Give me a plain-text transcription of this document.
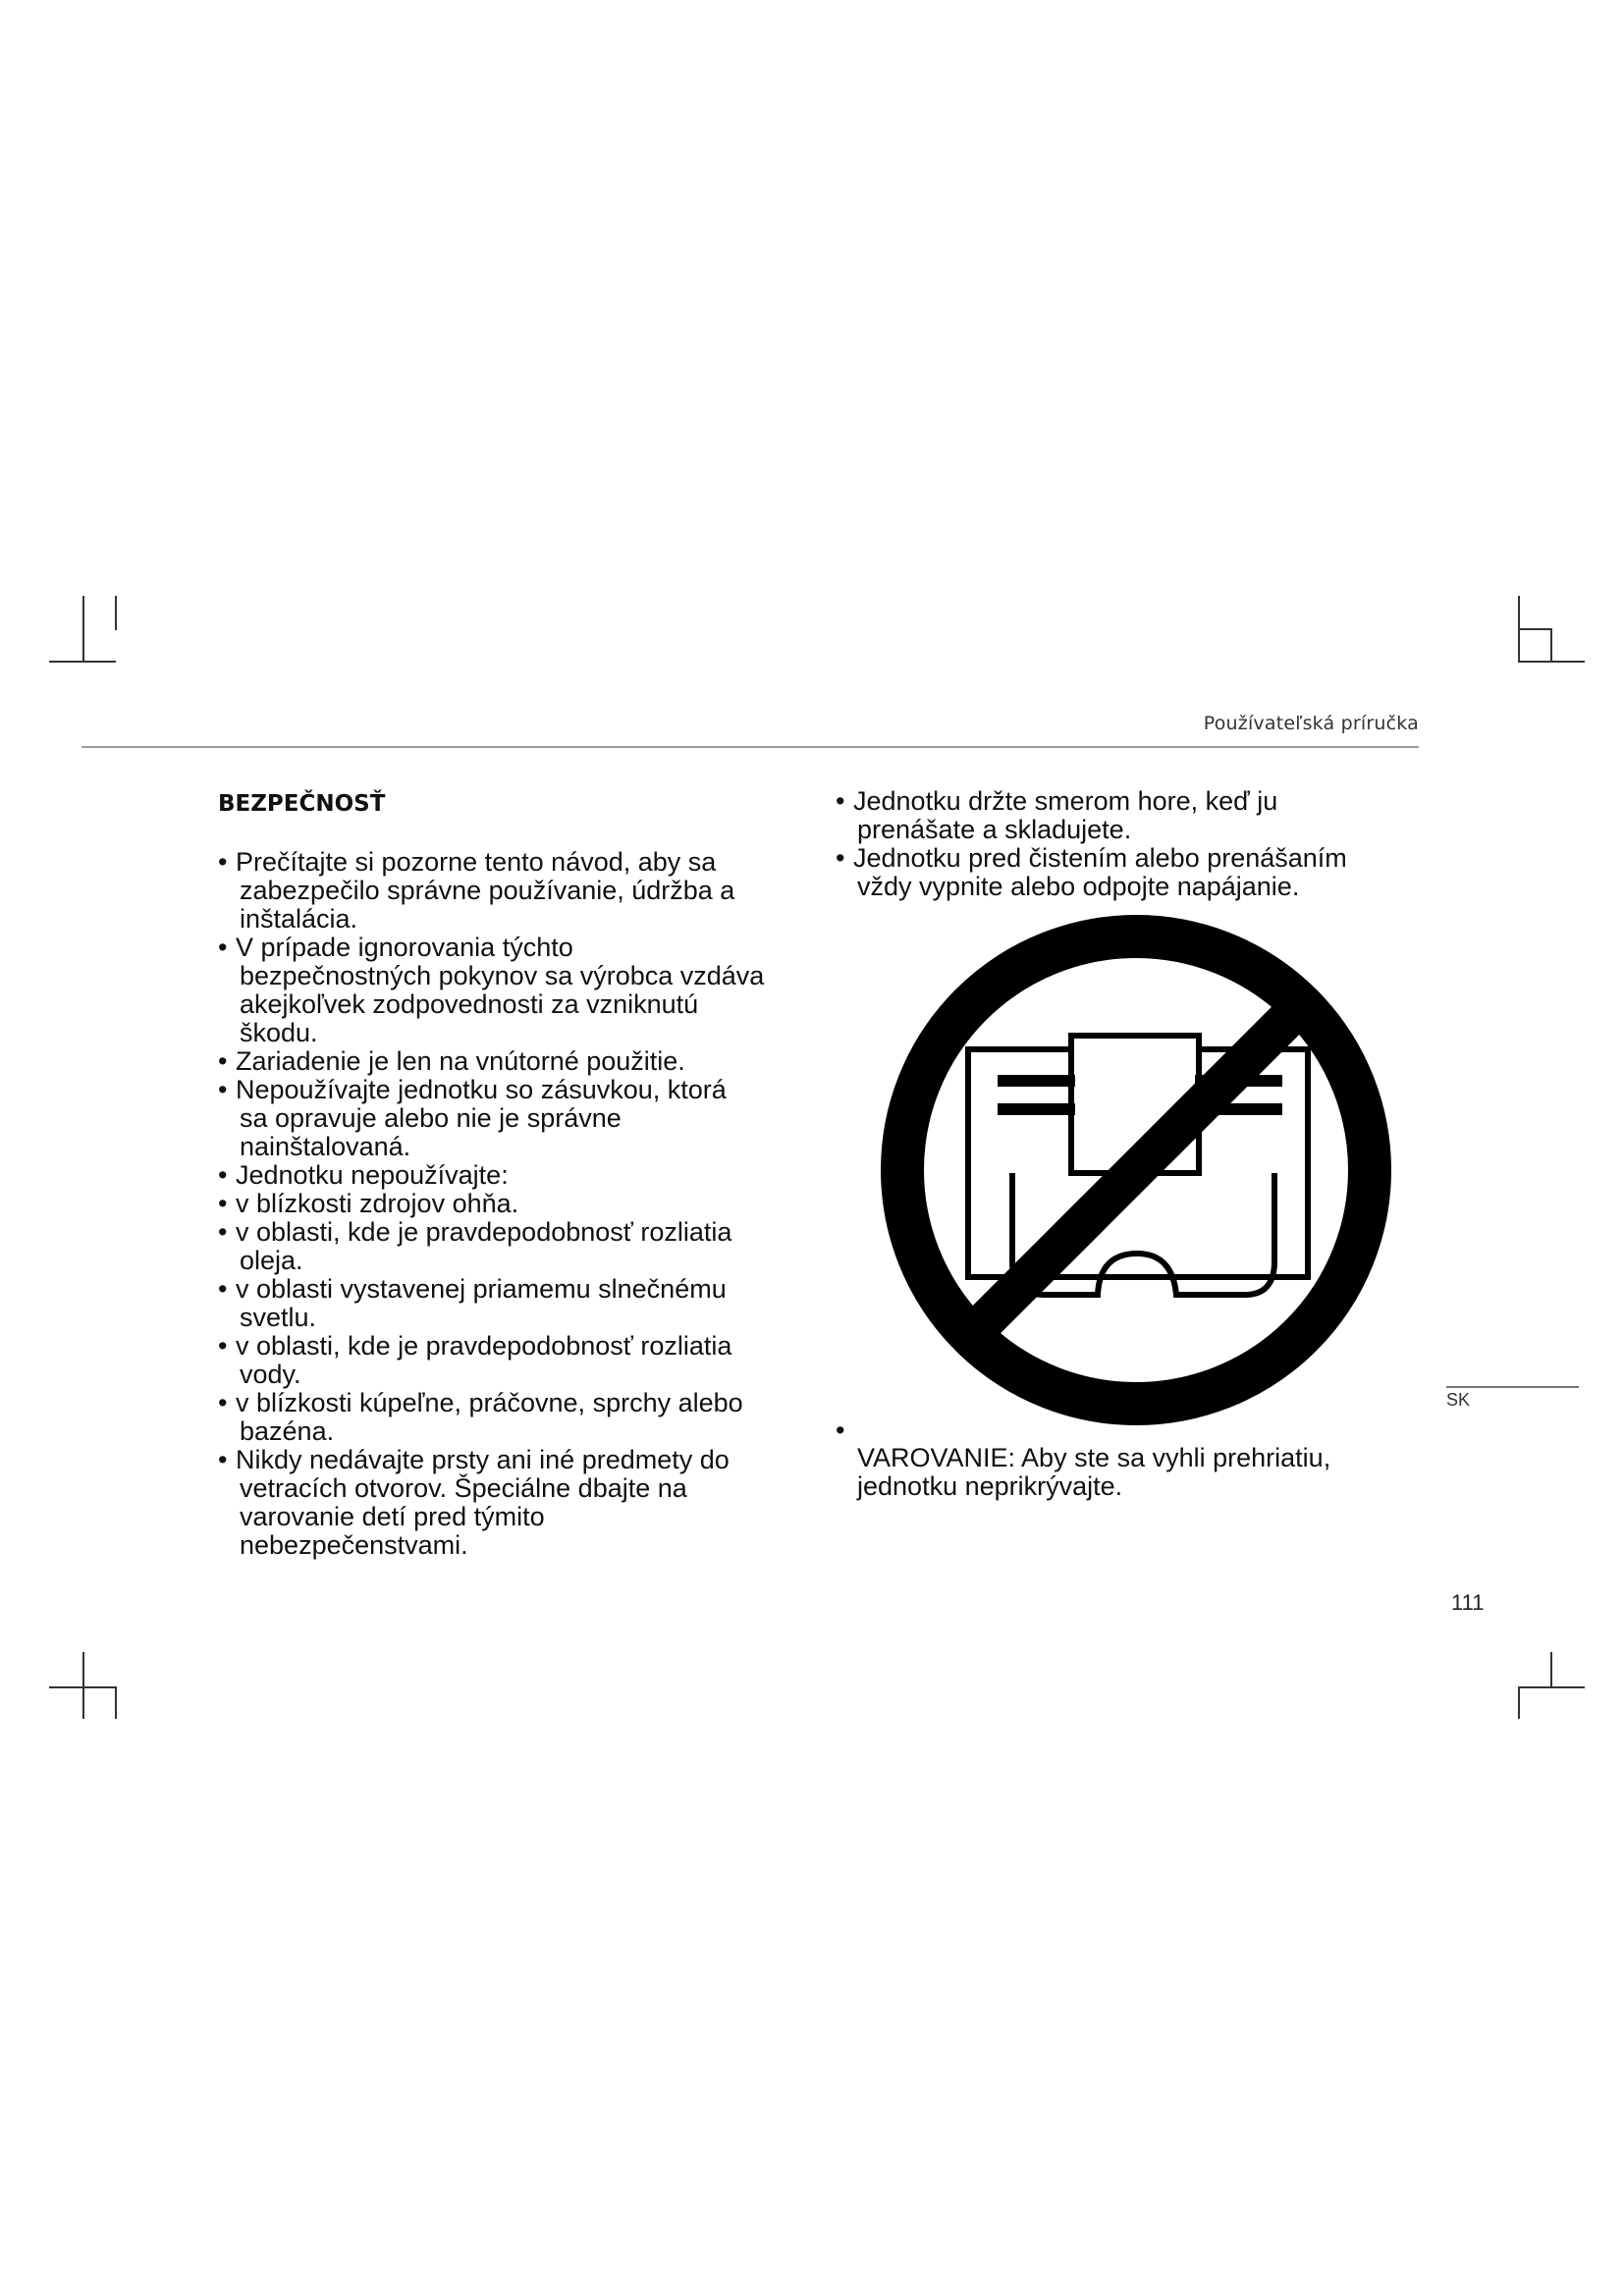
Používateľská príručka
BEZPEČNOSŤ
• Prečítajte si pozorne tento návod, aby sa
zabezpečilo správne používanie, údržba a
inštalácia.
• V prípade ignorovania týchto
bezpečnostných pokynov sa výrobca vzdáva
akejkoľvek zodpovednosti za vzniknutú
škodu.
• Zariadenie je len na vnútorné použitie.
• Nepoužívajte jednotku so zásuvkou, ktorá
sa opravuje alebo nie je správne
nainštalovaná.
• Jednotku nepoužívajte:
• v blízkosti zdrojov ohňa.
• v oblasti, kde je pravdepodobnosť rozliatia
oleja.
• v oblasti vystavenej priamemu slnečnému
svetlu.
• v oblasti, kde je pravdepodobnosť rozliatia
vody.
• v blízkosti kúpeľne, práčovne, sprchy alebo
bazéna.
• Nikdy nedávajte prsty ani iné predmety do
vetracích otvorov. Špeciálne dbajte na
varovanie detí pred týmito
nebezpečenstvami.
• Jednotku držte smerom hore, keď ju
prenášate a skladujete.
• Jednotku pred čistením alebo prenášaním
vždy vypnite alebo odpojte napájanie.
SK
•

VAROVANIE: Aby ste sa vyhli prehriatiu,
jednotku neprikrývajte.

111
